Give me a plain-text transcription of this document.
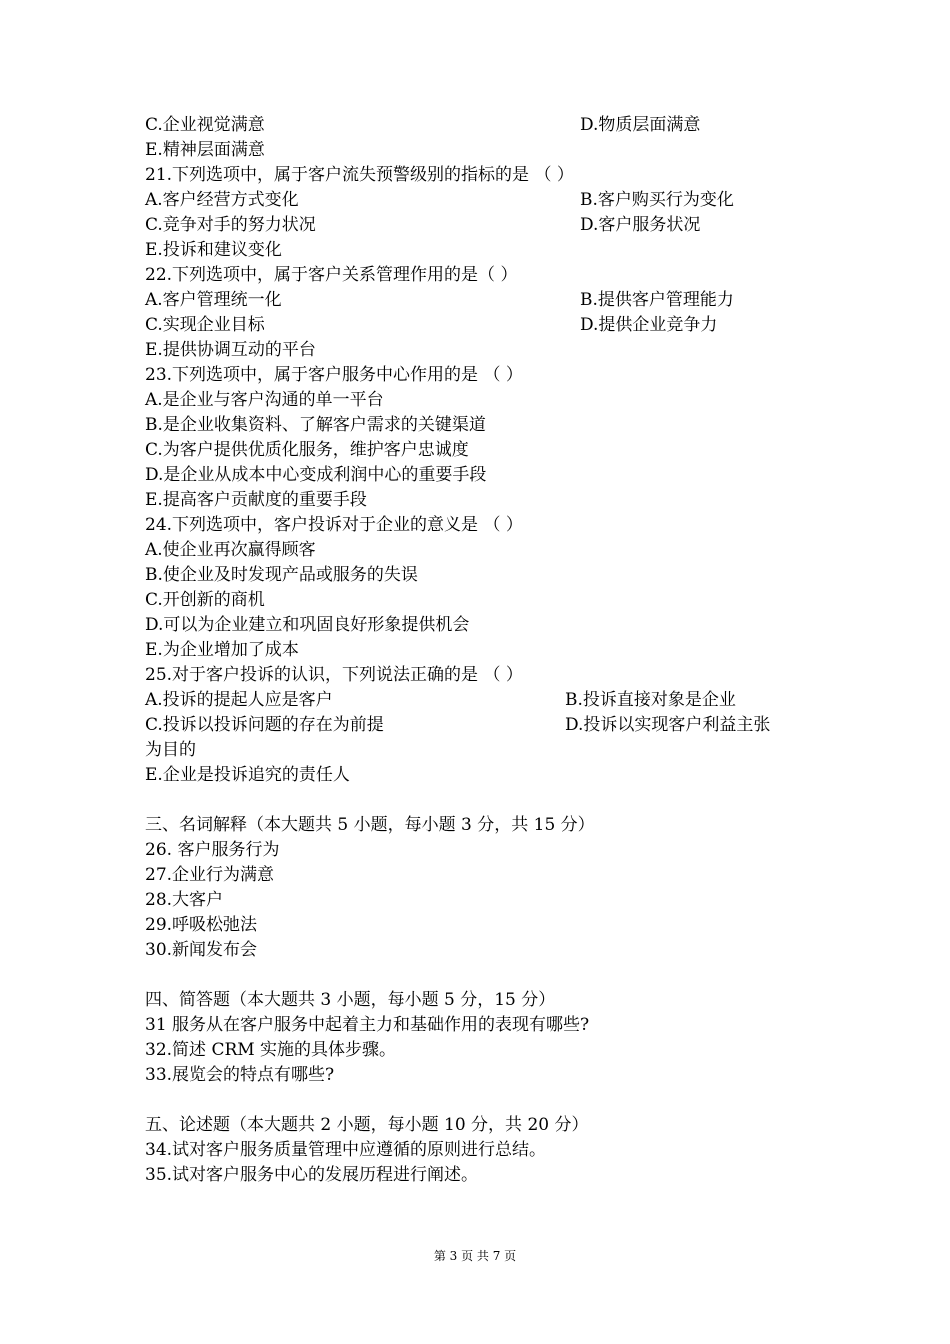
C.企业视觉满意	D.物质层面满意
E.精神层面满意
21.下列选项中，属于客户流失预警级别的指标的是 （ ）
A.客户经营方式变化	B.客户购买行为变化
C.竞争对手的努力状况	D.客户服务状况
E.投诉和建议变化
22.下列选项中，属于客户关系管理作用的是（ ）
A.客户管理统一化	B.提供客户管理能力
C.实现企业目标	D.提供企业竞争力
E.提供协调互动的平台
23.下列选项中，属于客户服务中心作用的是 （ ）
A.是企业与客户沟通的单一平台
B.是企业收集资料、了解客户需求的关键渠道
C.为客户提供优质化服务，维护客户忠诚度
D.是企业从成本中心变成利润中心的重要手段
E.提高客户贡献度的重要手段
24.下列选项中，客户投诉对于企业的意义是 （ ）
A.使企业再次赢得顾客
B.使企业及时发现产品或服务的失误
C.开创新的商机
D.可以为企业建立和巩固良好形象提供机会
E.为企业增加了成本
25.对于客户投诉的认识，下列说法正确的是 （ ）
A.投诉的提起人应是客户	B.投诉直接对象是企业
C.投诉以投诉问题的存在为前提	D.投诉以实现客户利益主张
为目的
E.企业是投诉追究的责任人
三、名词解释（本大题共 5 小题，每小题 3 分，共 15 分）
26. 客户服务行为
27.企业行为满意
28.大客户
29.呼吸松弛法
30.新闻发布会
四、简答题（本大题共 3 小题，每小题 5 分，15 分）
31 服务从在客户服务中起着主力和基础作用的表现有哪些?
32.简述 CRM 实施的具体步骤。
33.展览会的特点有哪些?
五、论述题（本大题共 2 小题，每小题 10 分，共 20 分）
34.试对客户服务质量管理中应遵循的原则进行总结。
35.试对客户服务中心的发展历程进行阐述。
第 3 页 共 7 页
